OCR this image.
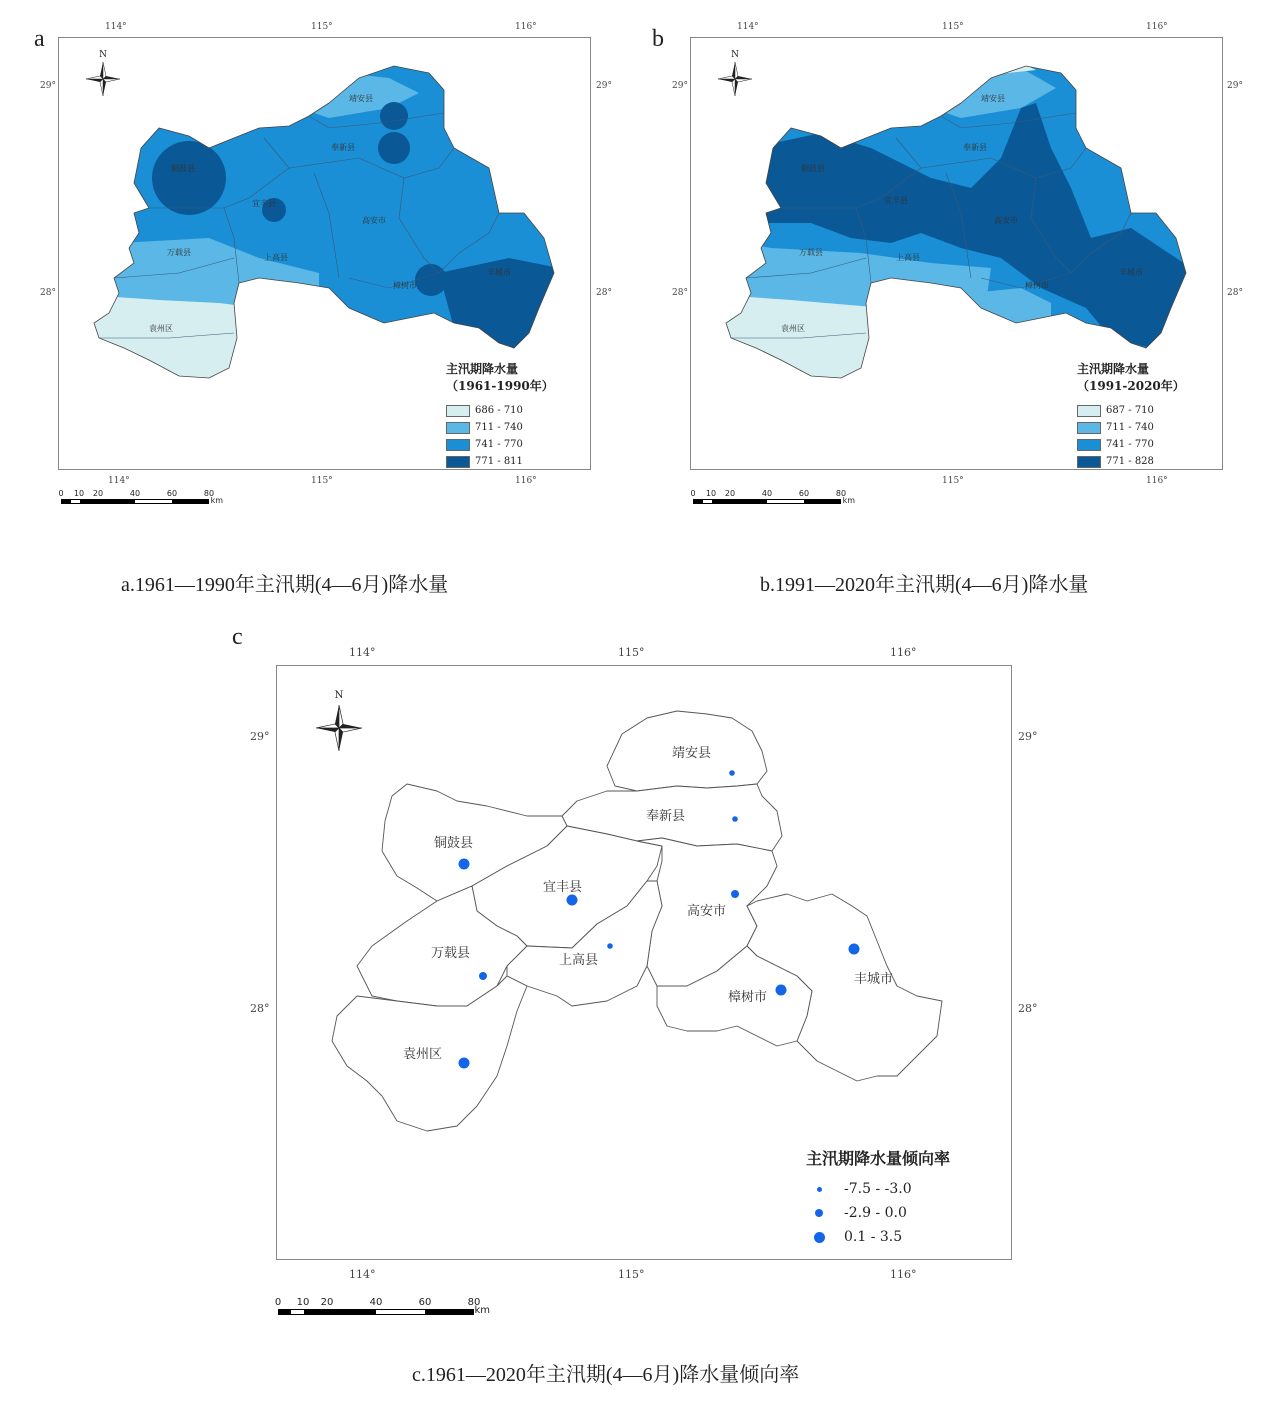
a	114°	115°	116°
29°
28°
29°
28°
114°	115°	116°
靖安县
奉新县
铜鼓县
宜丰县
高安市
万载县
上高县
丰城市
樟树市
袁州区
N
主汛期降水量
（1961-1990年）
686 - 710
711 - 740
741 - 770
771 - 811
0 10 20	40	60	80
km
a.1961—1990年主汛期(4—6月)降水量
b	114°	115°	116°
29°
28°
29°
28°
115°	116°
靖安县
奉新县
铜鼓县
宜丰县
高安市
万载县
上高县
丰城市
樟树市
袁州区
N
主汛期降水量
（1991-2020年）
687 - 710
711 - 740
741 - 770
771 - 828
0 10 20	40	60	80
km
b.1991—2020年主汛期(4—6月)降水量
c
114°	115°	116°
29°
28°
29°
28°
114°	115°	116°
靖安县
奉新县
铜鼓县
宜丰县
高安市
万载县	上高县
丰城市
樟树市
袁州区
N
主汛期降水量倾向率
-7.5 - -3.0
-2.9 - 0.0
0.1 - 3.5
0 10 20	40	60	80
km
c.1961—2020年主汛期(4—6月)降水量倾向率
